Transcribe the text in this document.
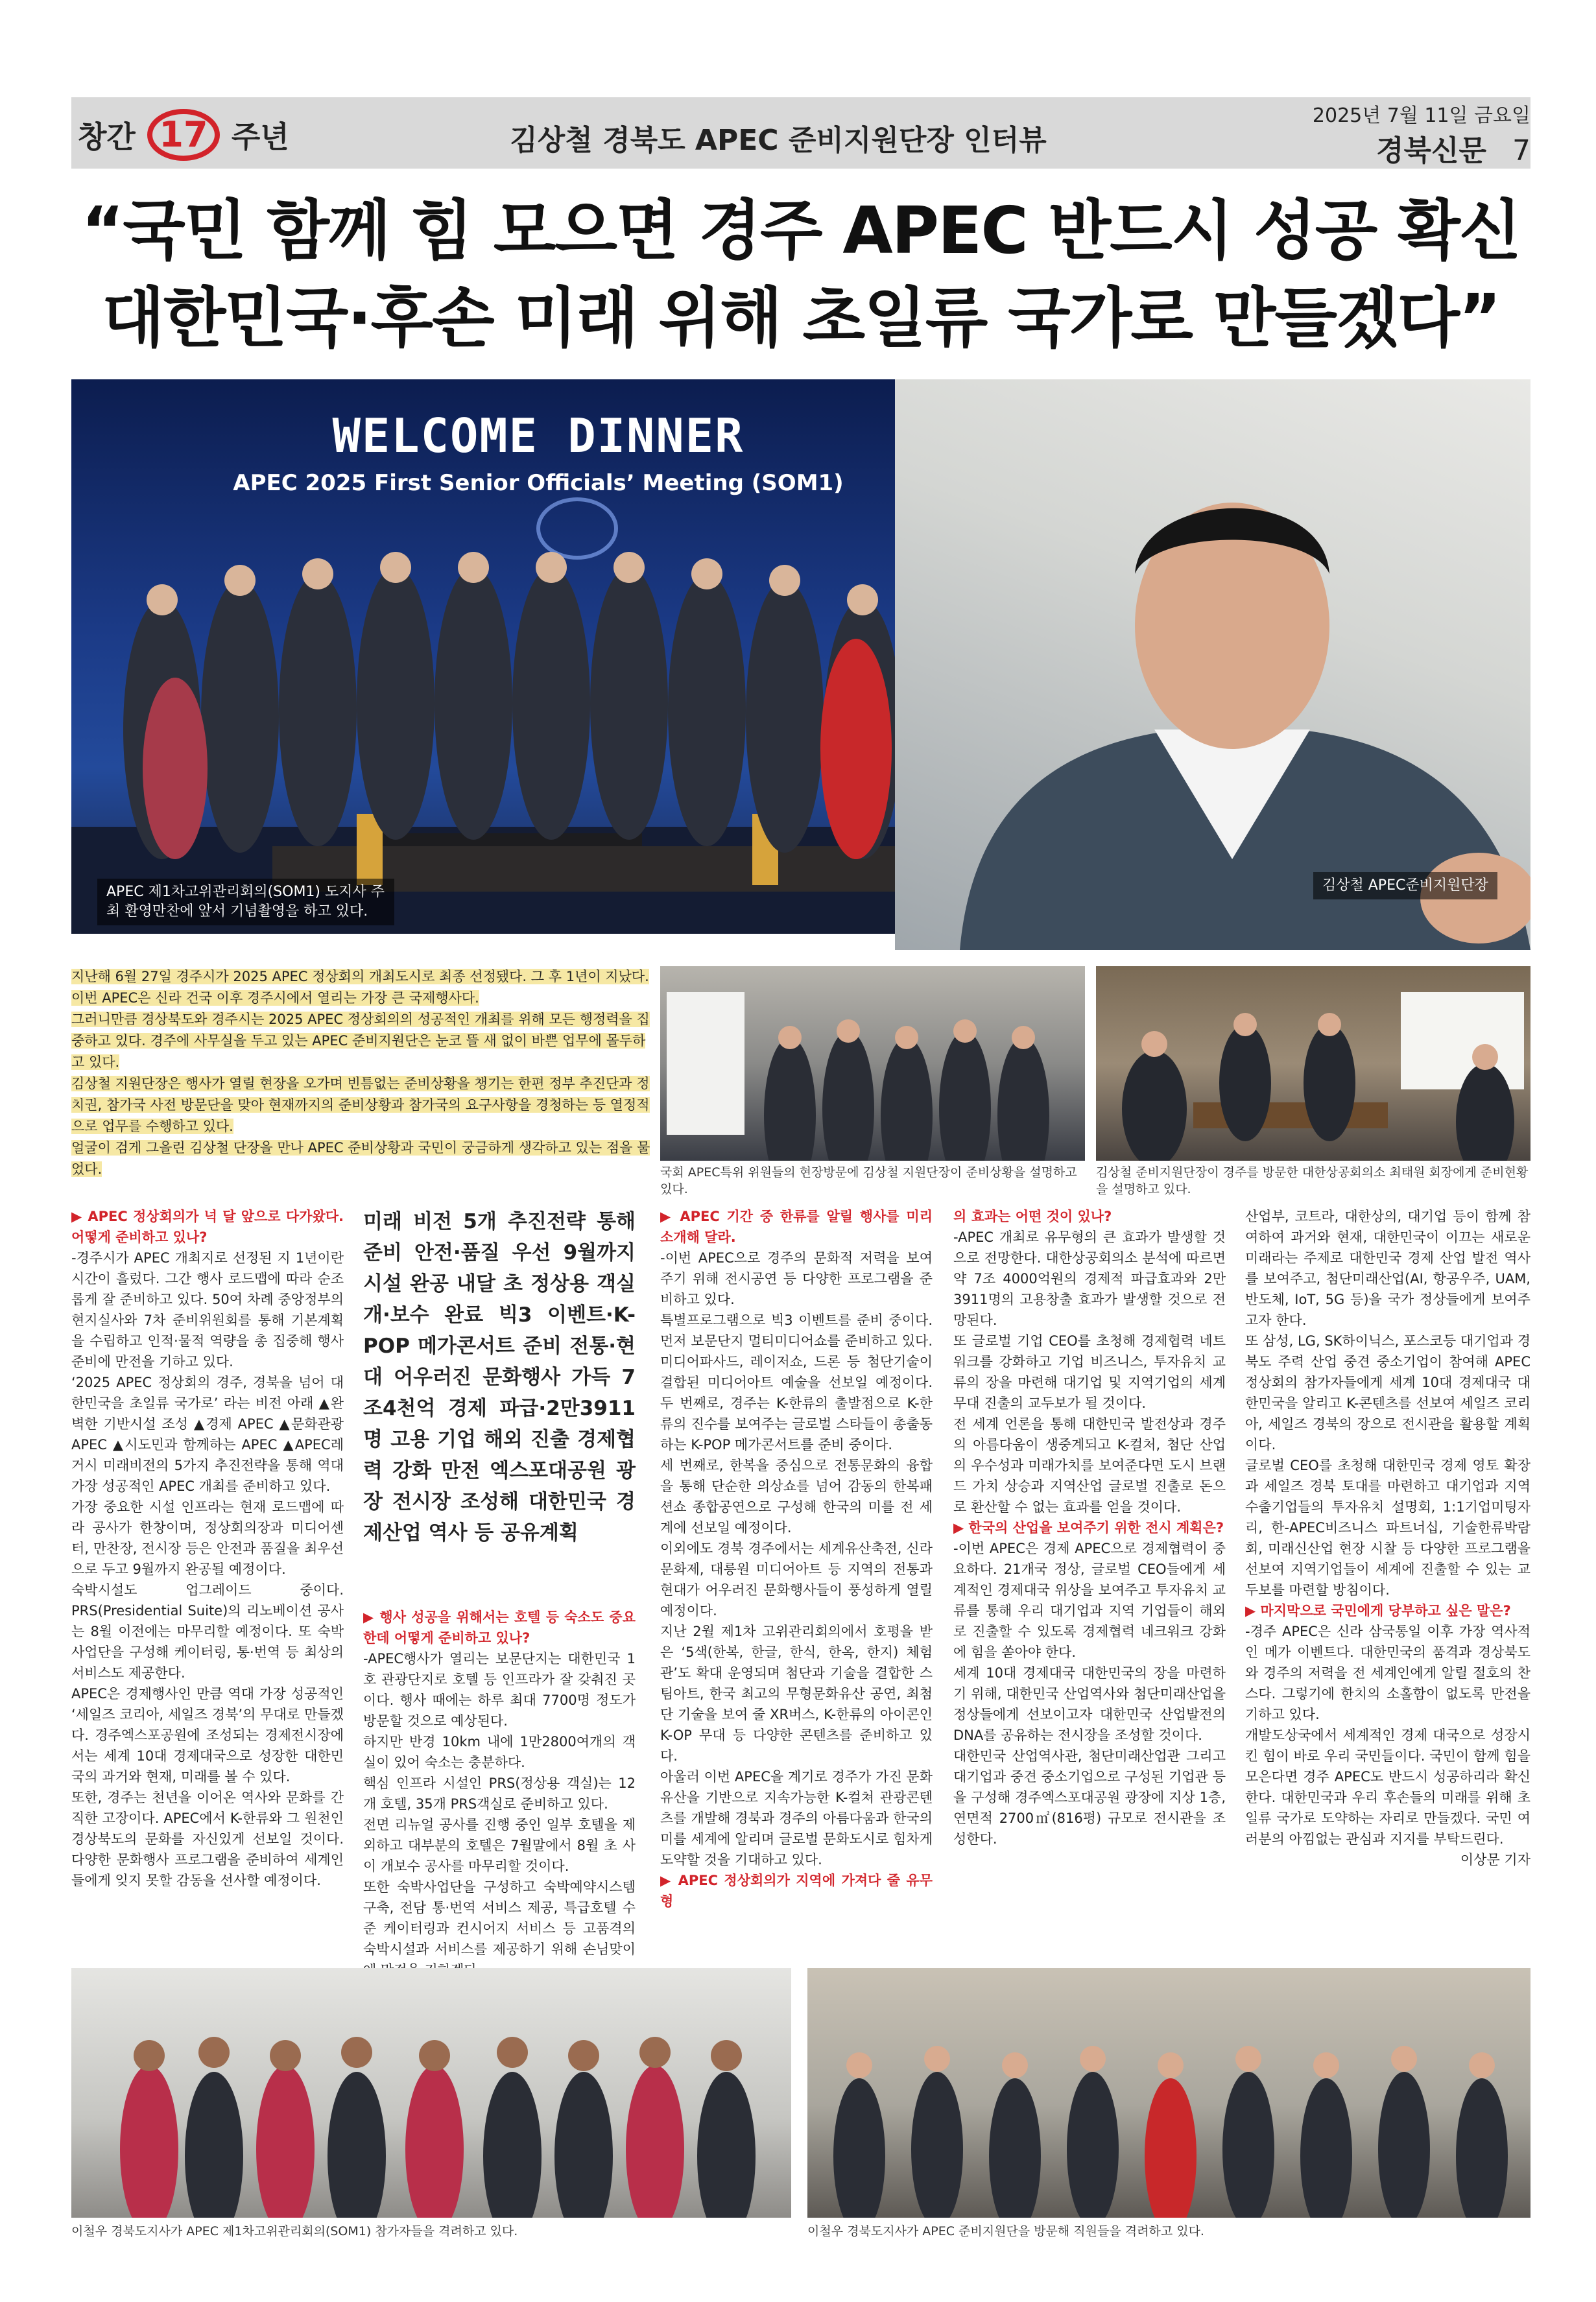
창간 17 주년	김상철 경북도 APEC 준비지원단장 인터뷰
2025년 7월 11일 금요일
경북신문 7
“국민 함께 힘 모으면 경주 APEC 반드시 성공 확신
대한민국·후손 미래 위해 초일류 국가로 만들겠다”
WELCOME DINNER
APEC 2025 First Senior Officials’ Meeting (SOM1)
APEC 제1차고위관리회의(SOM1) 도지사 주최 환영만찬에 앞서 기념촬영을 하고 있다.
김상철 APEC준비지원단장

지난해 6월 27일 경주시가 2025 APEC 정상회의 개최도시로 최종 선정됐다. 그 후 1년이 지났다. 이번 APEC은 신라 건국 이후 경주시에서 열리는 가장 큰 국제행사다.

그러니만큼 경상북도와 경주시는 2025 APEC 정상회의의 성공적인 개최를 위해 모든 행정력을 집중하고 있다. 경주에 사무실을 두고 있는 APEC 준비지원단은 눈코 뜰 새 없이 바쁜 업무에 몰두하고 있다.

김상철 지원단장은 행사가 열릴 현장을 오가며 빈틈없는 준비상황을 챙기는 한편 정부 추진단과 정치권, 참가국 사전 방문단을 맞아 현재까지의 준비상황과 참가국의 요구사항을 경청하는 등 열정적으로 업무를 수행하고 있다.

얼굴이 검게 그을린 김상철 단장을 만나 APEC 준비상황과 국민이 궁금하게 생각하고 있는 점을 물었다.	국회 APEC특위 위원들의 현장방문에 김상철 지원단장이 준비상황을 설명하고 있다.
김상철 준비지원단장이 경주를 방문한 대한상공회의소 최태원 회장에게 준비현황을 설명하고 있다.

▶ APEC 정상회의가 넉 달 앞으로 다가왔다. 어떻게 준비하고 있나?

-경주시가 APEC 개최지로 선정된 지 1년이란 시간이 흘렀다. 그간 행사 로드맵에 따라 순조롭게 잘 준비하고 있다. 50여 차례 중앙정부의 현지실사와 7차 준비위원회를 통해 기본계획을 수립하고 인적·물적 역량을 총 집중해 행사 준비에 만전을 기하고 있다.

‘2025 APEC 정상회의 경주, 경북을 넘어 대한민국을 초일류 국가로’ 라는 비전 아래 ▲완벽한 기반시설 조성 ▲경제 APEC ▲문화관광 APEC ▲시도민과 함께하는 APEC ▲APEC레거시 미래비전의 5가지 추진전략을 통해 역대 가장 성공적인 APEC 개최를 준비하고 있다.

가장 중요한 시설 인프라는 현재 로드맵에 따라 공사가 한창이며, 정상회의장과 미디어센터, 만찬장, 전시장 등은 안전과 품질을 최우선으로 두고 9월까지 완공될 예정이다.

숙박시설도 업그레이드 중이다. PRS(Presidential Suite)의 리노베이션 공사는 8월 이전에는 마무리할 예정이다. 또 숙박사업단을 구성해 케이터링, 통·번역 등 최상의 서비스도 제공한다.

APEC은 경제행사인 만큼 역대 가장 성공적인 ‘세일즈 코리아, 세일즈 경북’의 무대로 만들겠다. 경주엑스포공원에 조성되는 경제전시장에서는 세계 10대 경제대국으로 성장한 대한민국의 과거와 현재, 미래를 볼 수 있다.

또한, 경주는 천년을 이어온 역사와 문화를 간직한 고장이다. APEC에서 K-한류와 그 원천인 경상북도의 문화를 자신있게 선보일 것이다. 다양한 문화행사 프로그램을 준비하여 세계인들에게 잊지 못할 감동을 선사할 예정이다.

미래 비전 5개 추진전략 통해 준비 안전·품질 우선 9월까지 시설 완공 내달 초 정상용 객실 개·보수 완료 빅3 이벤트·K-POP 메가콘서트 준비 전통·현대 어우러진 문화행사 가득 7조4천억 경제 파급·2만3911명 고용 기업 해외 진출 경제협력 강화 만전 엑스포대공원 광장 전시장 조성해 대한민국 경제산업 역사 등 공유계획

▶ 행사 성공을 위해서는 호텔 등 숙소도 중요한데 어떻게 준비하고 있나?

-APEC행사가 열리는 보문단지는 대한민국 1호 관광단지로 호텔 등 인프라가 잘 갖춰진 곳이다. 행사 때에는 하루 최대 7700명 정도가 방문할 것으로 예상된다.

하지만 반경 10km 내에 1만2800여개의 객실이 있어 숙소는 충분하다.

핵심 인프라 시설인 PRS(정상용 객실)는 12개 호텔, 35개 PRS객실로 준비하고 있다.

전면 리뉴얼 공사를 진행 중인 일부 호텔을 제외하고 대부분의 호텔은 7월말에서 8월 초 사이 개보수 공사를 마무리할 것이다.

또한 숙박사업단을 구성하고 숙박예약시스템 구축, 전담 통·번역 서비스 제공, 특급호텔 수준 케이터링과 컨시어지 서비스 등 고품격의 숙박시설과 서비스를 제공하기 위해 손님맞이

▶ APEC 기간 중 한류를 알릴 행사를 미리 소개해 달라.

-이번 APEC으로 경주의 문화적 저력을 보여주기 위해 전시공연 등 다양한 프로그램을 준비하고 있다.

특별프로그램으로 빅3 이벤트를 준비 중이다. 먼저 보문단지 멀티미디어쇼를 준비하고 있다. 미디어파사드, 레이저쇼, 드론 등 첨단기술이 결합된 미디어아트 예술을 선보일 예정이다. 두 번째로, 경주는 K-한류의 출발점으로 K-한류의 진수를 보여주는 글로벌 스타들이 총출동하는 K-POP 메가콘서트를 준비 중이다.

세 번째로, 한복을 중심으로 전통문화의 융합을 통해 단순한 의상쇼를 넘어 감동의 한복패션쇼 종합공연으로 구성해 한국의 미를 전 세계에 선보일 예정이다.

이외에도 경북 경주에서는 세계유산축전, 신라문화제, 대릉원 미디어아트 등 지역의 전통과 현대가 어우러진 문화행사들이 풍성하게 열릴 예정이다.

지난 2월 제1차 고위관리회의에서 호평을 받은 ‘5색(한복, 한글, 한식, 한옥, 한지) 체험관’도 확대 운영되며 첨단과 기술을 결합한 스팀아트, 한국 최고의 무형문화유산 공연, 최첨단 기술을 보여 줄 XR버스, K-한류의 아이콘인 K-OP 무대 등 다양한 콘텐츠를 준비하고 있다.

아울러 이번 APEC을 계기로 경주가 가진 문화유산을 기반으로 지속가능한 K-컬쳐 관광콘텐츠를 개발해 경북과 경주의 아름다움과 한국의 미를 세계에 알리며 글로벌 문화도시로 힘차게 도약할 것을 기대하고 있다.

▶ APEC 정상회의가 지역에 가져다 줄 유무형

의 효과는 어떤 것이 있나?

-APEC 개최로 유무형의 큰 효과가 발생할 것으로 전망한다. 대한상공회의소 분석에 따르면 약 7조 4000억원의 경제적 파급효과와 2만3911명의 고용창출 효과가 발생할 것으로 전망된다.

또 글로벌 기업 CEO를 초청해 경제협력 네트워크를 강화하고 기업 비즈니스, 투자유치 교류의 장을 마련해 대기업 및 지역기업의 세계무대 진출의 교두보가 될 것이다.

전 세계 언론을 통해 대한민국 발전상과 경주의 아름다움이 생중계되고 K-컬처, 첨단 산업의 우수성과 미래가치를 보여준다면 도시 브랜드 가치 상승과 지역산업 글로벌 진출로 돈으로 환산할 수 없는 효과를 얻을 것이다.

▶ 한국의 산업을 보여주기 위한 전시 계획은?

-이번 APEC은 경제 APEC으로 경제협력이 중요하다. 21개국 정상, 글로벌 CEO들에게 세계적인 경제대국 위상을 보여주고 투자유치 교류를 통해 우리 대기업과 지역 기업들이 해외로 진출할 수 있도록 경제협력 네크워크 강화에 힘을 쏟아야 한다.

세계 10대 경제대국 대한민국의 장을 마련하기 위해, 대한민국 산업역사와 첨단미래산업을 정상들에게 선보이고자 대한민국 산업발전의 DNA를 공유하는 전시장을 조성할 것이다.

대한민국 산업역사관, 첨단미래산업관 그리고 대기업과 중견 중소기업으로 구성된 기업관 등을 구성해 경주엑스포대공원 광장에 지상 1층, 연면적 2700㎡(816평) 규모로 전시관을 조성한다.

산업부, 코트라, 대한상의, 대기업 등이 함께 참여하여 과거와 현재, 대한민국이 이끄는 새로운 미래라는 주제로 대한민국 경제 산업 발전 역사를 보여주고, 첨단미래산업(AI, 항공우주, UAM, 반도체, IoT, 5G 등)을 국가 정상들에게 보여주고자 한다.

또 삼성, LG, SK하이닉스, 포스코등 대기업과 경북도 주력 산업 중견 중소기업이 참여해 APEC 정상회의 참가자들에게 세계 10대 경제대국 대한민국을 알리고 K-콘텐츠를 선보여 세일즈 코리아, 세일즈 경북의 장으로 전시관을 활용할 계획이다.

글로벌 CEO를 초청해 대한민국 경제 영토 확장과 세일즈 경북 토대를 마련하고 대기업과 지역 수출기업들의 투자유치 설명회, 1:1기업미팅자리, 한-APEC비즈니스 파트너십, 기술한류박람회, 미래신산업 현장 시찰 등 다양한 프로그램을 선보여 지역기업들이 세계에 진출할 수 있는 교두보를 마련할 방침이다.

▶ 마지막으로 국민에게 당부하고 싶은 말은?

-경주 APEC은 신라 삼국통일 이후 가장 역사적인 메가 이벤트다. 대한민국의 품격과 경상북도와 경주의 저력을 전 세계인에게 알릴 절호의 찬스다. 그렇기에 한치의 소홀함이 없도록 만전을 기하고 있다.

개발도상국에서 세계적인 경제 대국으로 성장시킨 힘이 바로 우리 국민들이다. 국민이 함께 힘을 모은다면 경주 APEC도 반드시 성공하리라 확신한다. 대한민국과 우리 후손들의 미래를 위해 초일류 국가로 도약하는 자리로 만들겠다. 국민 여러분의 아낌없는 관심과 지지를 부탁드린다.

이상문 기자

이철우 경북도지사가 APEC 제1차고위관리회의(SOM1) 참가자들을 격려하고 있다.	이철우 경북도지사가 APEC 준비지원단을 방문해 직원들을 격려하고 있다.
